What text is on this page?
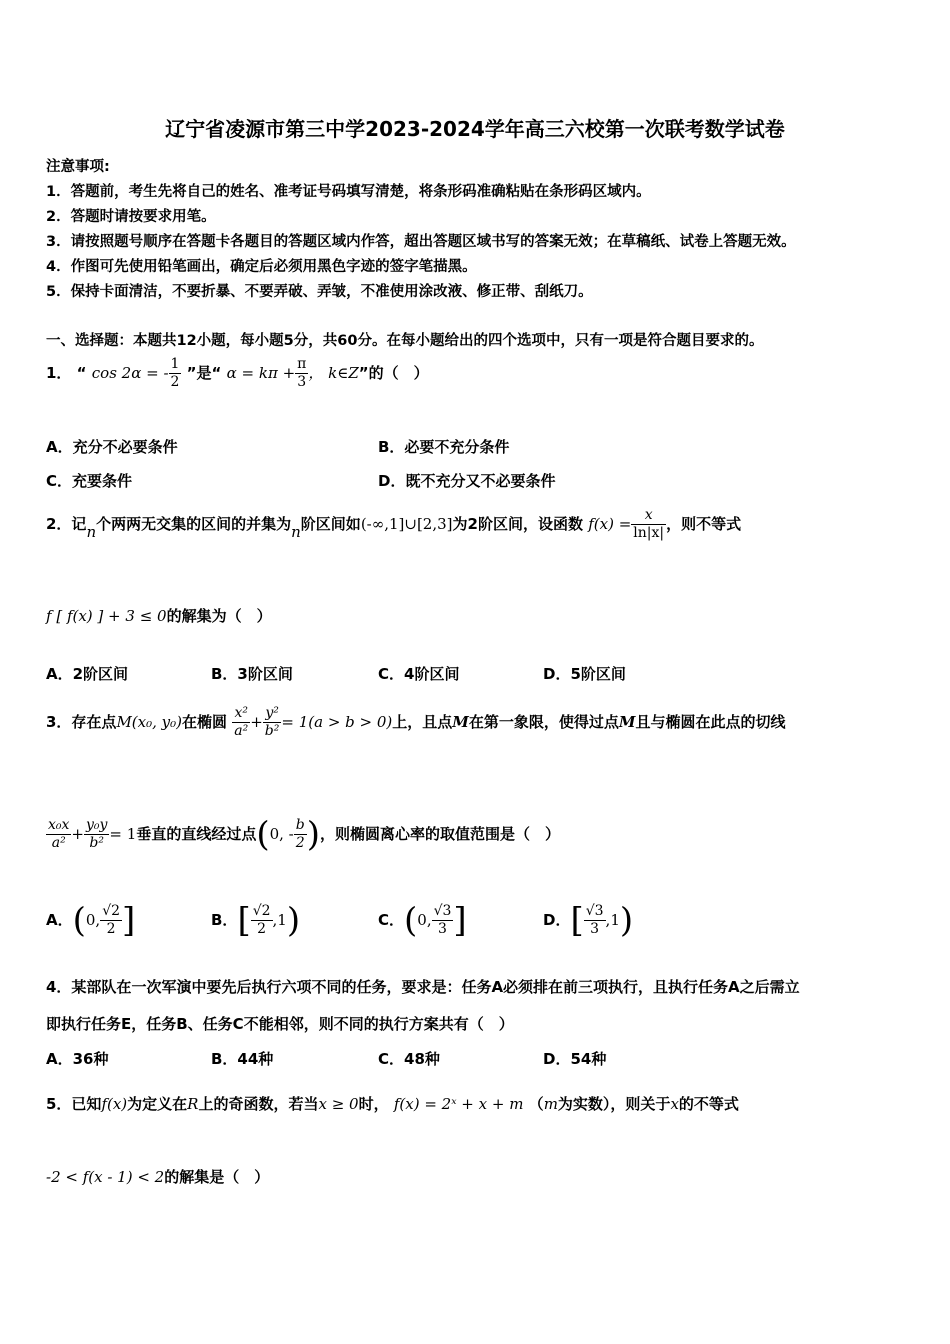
辽宁省凌源市第三中学2023-2024学年高三六校第一次联考数学试卷
注意事项:
1．答题前，考生先将自己的姓名、准考证号码填写清楚，将条形码准确粘贴在条形码区域内。
2．答题时请按要求用笔。
3．请按照题号顺序在答题卡各题目的答题区域内作答，超出答题区域书写的答案无效；在草稿纸、试卷上答题无效。
4．作图可先使用铅笔画出，确定后必须用黑色字迹的签字笔描黑。
5．保持卡面清洁，不要折暴、不要弄破、弄皱，不准使用涂改液、修正带、刮纸刀。
一、选择题：本题共12小题，每小题5分，共60分。在每小题给出的四个选项中，只有一项是符合题目要求的。
1． “ cos 2α = - $\frac{1}{2}$ ”是“ $\alpha = k\pi + \frac{\pi}{3}$ ， k∈Z”的（　）
A．充分不必要条件	B．必要不充分条件
C．充要条件	D．既不充分又不必要条件
2．记n个两两无交集的区间的并集为n阶区间如(-∞,1]∪[2,3]为2阶区间，设函数 $f(x) = \frac{x}{\ln|x|}$ ，则不等式
f [ f(x) ] + 3 ≤ 0的解集为（　）
A．2阶区间	B．3阶区间	C．4阶区间	D．5阶区间
3．存在点M(x₀, y₀)在椭圆 $\frac{\text{x²}}{\text{a²}} + \frac{\text{y²}}{\text{b²}} = 1(a > b > 0)$上，且点M在第一象限，使得过点M且与椭圆在此点的切线
$\frac{\text{x₀x}}{\text{a²}} + \frac{\text{y₀y}}{\text{b²}} = 1$垂直的直线经过点(0, - $\frac{b}{2}$ )，则椭圆离心率的取值范围是（　）
A．(0, $\frac{√2}{2}$ ]	B．[ $\frac{√2}{2} ,1$)	C．(0, $\frac{√3}{3}$ ]	D．[ $\frac{√3}{3} ,1$)
4．某部队在一次军演中要先后执行六项不同的任务，要求是：任务A必须排在前三项执行，且执行任务A之后需立
即执行任务E，任务B、任务C不能相邻，则不同的执行方案共有（　）
A．36种	B．44种	C．48种	D．54种
5．已知f(x)为定义在R上的奇函数，若当x ≥ 0时， f(x) = 2ˣ + x + m （m为实数），则关于x的不等式
-2 < f(x - 1) < 2的解集是（　）
